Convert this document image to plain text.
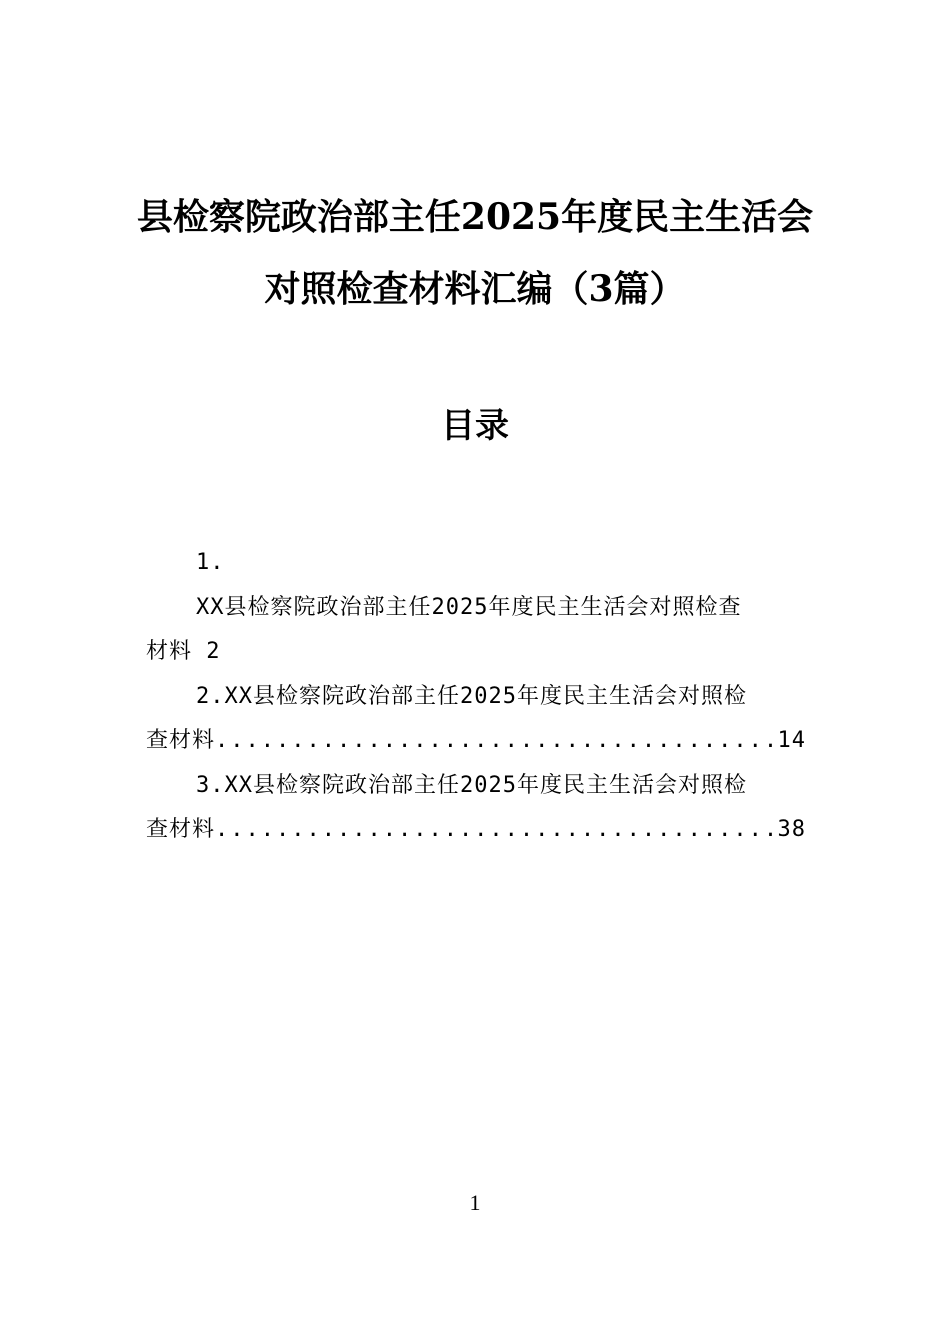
县检察院政治部主任2025年度民主生活会
对照检查材料汇编（3篇）
目录
1.
XX县检察院政治部主任2025年度民主生活会对照检查
材料 2
2.XX县检察院政治部主任2025年度民主生活会对照检
查材料 .....	14
3.XX县检察院政治部主任2025年度民主生活会对照检
查材料 .....	38
1
